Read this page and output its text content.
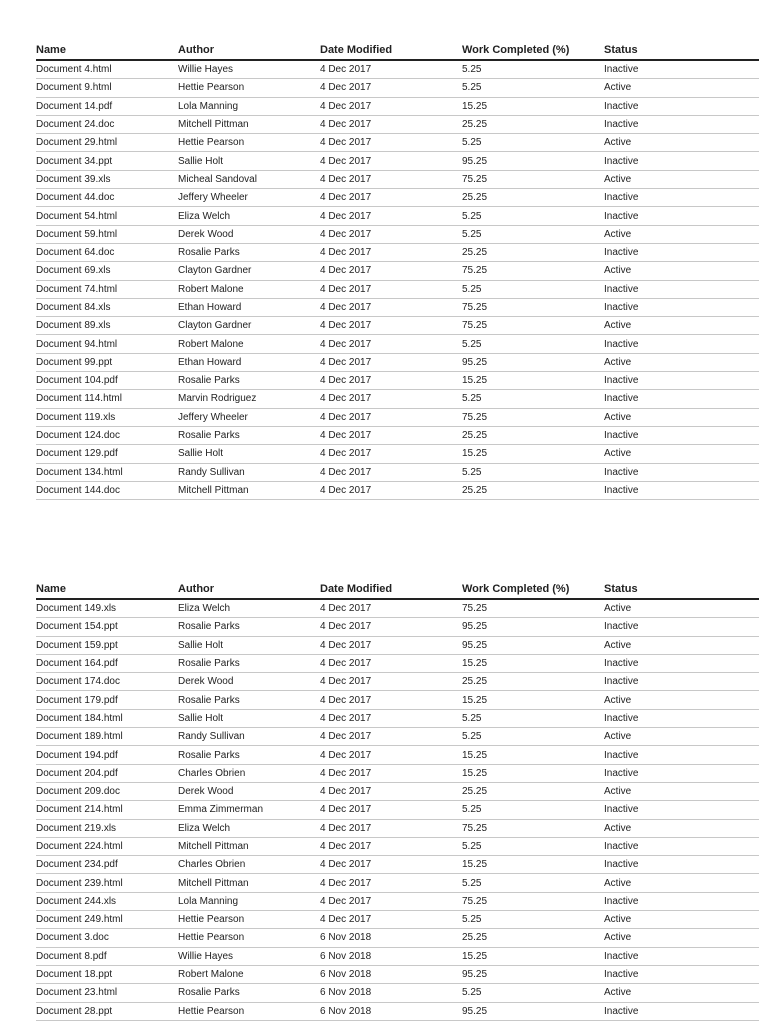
Name	Author	Date Modified	Work Completed (%)	Status
Document 4.html	Willie Hayes	4 Dec 2017	5.25	Inactive
Document 9.html	Hettie Pearson	4 Dec 2017	5.25	Active
Document 14.pdf	Lola Manning	4 Dec 2017	15.25	Inactive
Document 24.doc	Mitchell Pittman	4 Dec 2017	25.25	Inactive
Document 29.html	Hettie Pearson	4 Dec 2017	5.25	Active
Document 34.ppt	Sallie Holt	4 Dec 2017	95.25	Inactive
Document 39.xls	Micheal Sandoval	4 Dec 2017	75.25	Active
Document 44.doc	Jeffery Wheeler	4 Dec 2017	25.25	Inactive
Document 54.html	Eliza Welch	4 Dec 2017	5.25	Inactive
Document 59.html	Derek Wood	4 Dec 2017	5.25	Active
Document 64.doc	Rosalie Parks	4 Dec 2017	25.25	Inactive
Document 69.xls	Clayton Gardner	4 Dec 2017	75.25	Active
Document 74.html	Robert Malone	4 Dec 2017	5.25	Inactive
Document 84.xls	Ethan Howard	4 Dec 2017	75.25	Inactive
Document 89.xls	Clayton Gardner	4 Dec 2017	75.25	Active
Document 94.html	Robert Malone	4 Dec 2017	5.25	Inactive
Document 99.ppt	Ethan Howard	4 Dec 2017	95.25	Active
Document 104.pdf	Rosalie Parks	4 Dec 2017	15.25	Inactive
Document 114.html	Marvin Rodriguez	4 Dec 2017	5.25	Inactive
Document 119.xls	Jeffery Wheeler	4 Dec 2017	75.25	Active
Document 124.doc	Rosalie Parks	4 Dec 2017	25.25	Inactive
Document 129.pdf	Sallie Holt	4 Dec 2017	15.25	Active
Document 134.html	Randy Sullivan	4 Dec 2017	5.25	Inactive
Document 144.doc	Mitchell Pittman	4 Dec 2017	25.25	Inactive
Name	Author	Date Modified	Work Completed (%)	Status
Document 149.xls	Eliza Welch	4 Dec 2017	75.25	Active
Document 154.ppt	Rosalie Parks	4 Dec 2017	95.25	Inactive
Document 159.ppt	Sallie Holt	4 Dec 2017	95.25	Active
Document 164.pdf	Rosalie Parks	4 Dec 2017	15.25	Inactive
Document 174.doc	Derek Wood	4 Dec 2017	25.25	Inactive
Document 179.pdf	Rosalie Parks	4 Dec 2017	15.25	Active
Document 184.html	Sallie Holt	4 Dec 2017	5.25	Inactive
Document 189.html	Randy Sullivan	4 Dec 2017	5.25	Active
Document 194.pdf	Rosalie Parks	4 Dec 2017	15.25	Inactive
Document 204.pdf	Charles Obrien	4 Dec 2017	15.25	Inactive
Document 209.doc	Derek Wood	4 Dec 2017	25.25	Active
Document 214.html	Emma Zimmerman	4 Dec 2017	5.25	Inactive
Document 219.xls	Eliza Welch	4 Dec 2017	75.25	Active
Document 224.html	Mitchell Pittman	4 Dec 2017	5.25	Inactive
Document 234.pdf	Charles Obrien	4 Dec 2017	15.25	Inactive
Document 239.html	Mitchell Pittman	4 Dec 2017	5.25	Active
Document 244.xls	Lola Manning	4 Dec 2017	75.25	Inactive
Document 249.html	Hettie Pearson	4 Dec 2017	5.25	Active
Document 3.doc	Hettie Pearson	6 Nov 2018	25.25	Active
Document 8.pdf	Willie Hayes	6 Nov 2018	15.25	Inactive
Document 18.ppt	Robert Malone	6 Nov 2018	95.25	Inactive
Document 23.html	Rosalie Parks	6 Nov 2018	5.25	Active
Document 28.ppt	Hettie Pearson	6 Nov 2018	95.25	Inactive
